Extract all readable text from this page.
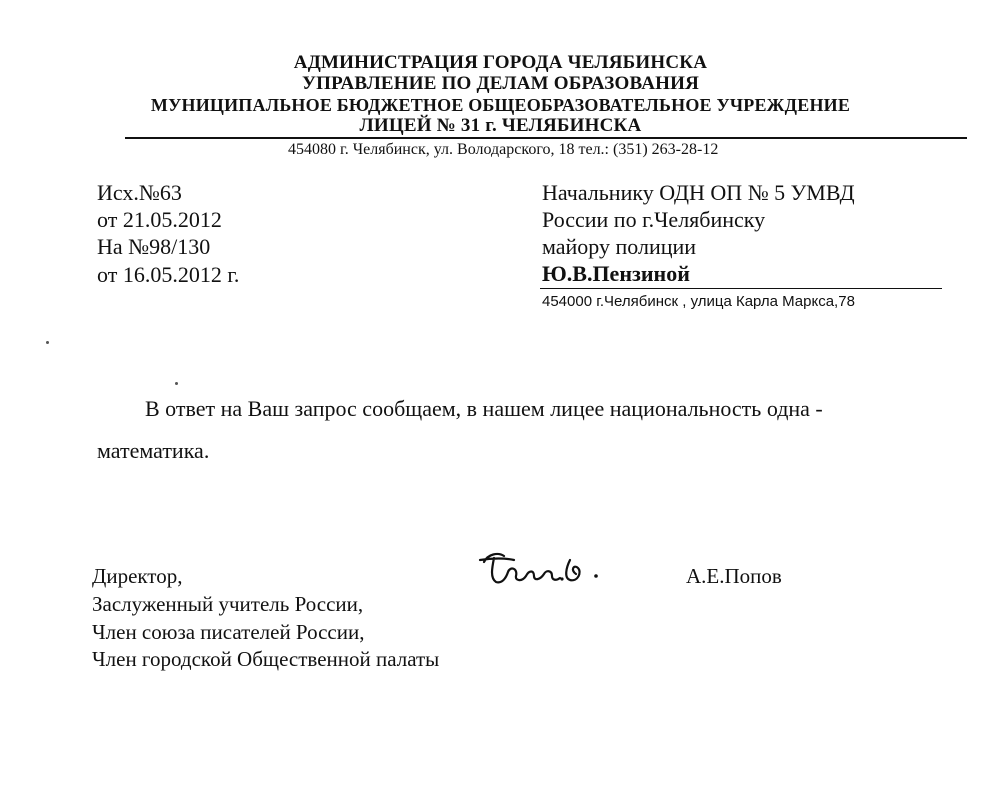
АДМИНИСТРАЦИЯ ГОРОДА ЧЕЛЯБИНСКА
УПРАВЛЕНИЕ ПО ДЕЛАМ ОБРАЗОВАНИЯ
МУНИЦИПАЛЬНОЕ БЮДЖЕТНОЕ ОБЩЕОБРАЗОВАТЕЛЬНОЕ УЧРЕЖДЕНИЕ
ЛИЦЕЙ № 31 г. ЧЕЛЯБИНСКА
454080 г. Челябинск, ул. Володарского, 18 тел.: (351) 263-28-12
Исх.№63
от 21.05.2012
На №98/130
от 16.05.2012 г.
Начальнику ОДН ОП № 5 УМВД
России по г.Челябинску
майору полиции
Ю.В.Пензиной
454000 г.Челябинск , улица Карла Маркса,78
В ответ на Ваш запрос сообщаем, в нашем лицее национальность одна -
математика.
Директор,
Заслуженный учитель России,
Член союза писателей России,
Член городской Общественной палаты
А.Е.Попов
